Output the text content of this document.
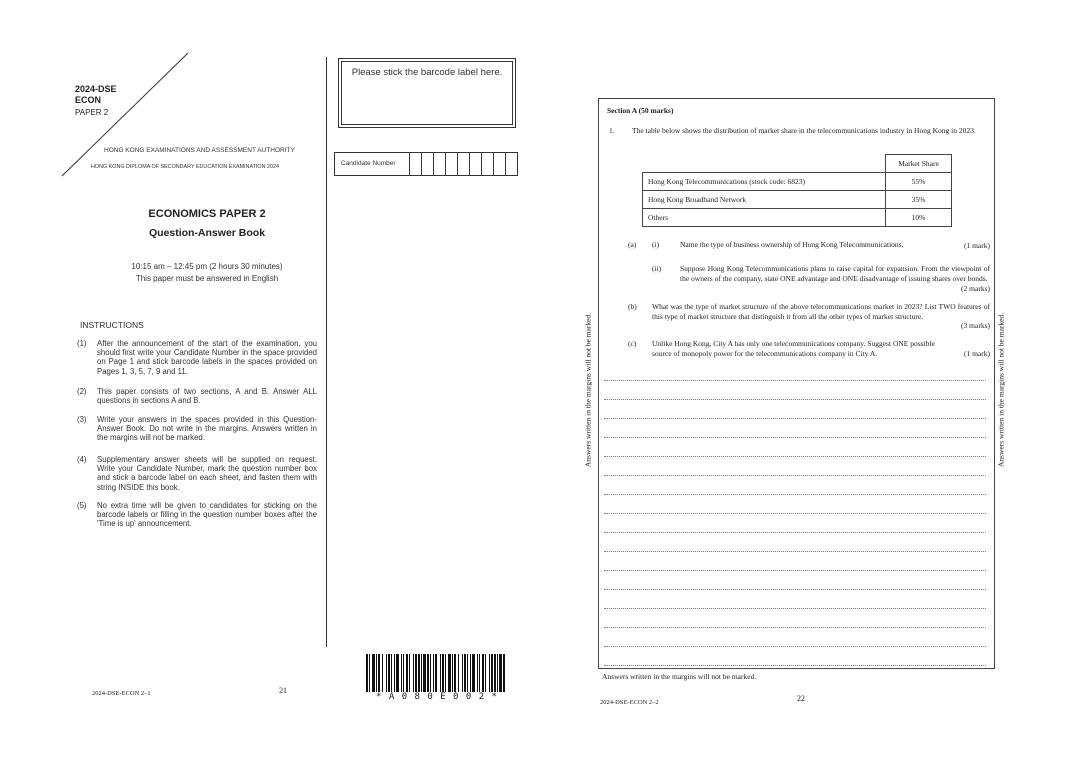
2024-DSE
ECON
PAPER 2
HONG KONG EXAMINATIONS AND ASSESSMENT AUTHORITY
HONG KONG DIPLOMA OF SECONDARY EDUCATION EXAMINATION 2024
Please stick the barcode label here.
Candidate Number
ECONOMICS PAPER 2
Question-Answer Book
10:15 am – 12:45 pm (2 hours 30 minutes)
This paper must be answered in English
INSTRUCTIONS
(1)	After the announcement of the start of the examination, you should first write your Candidate Number in the space provided on Page 1 and stick barcode labels in the spaces provided on Pages 1, 3, 5, 7, 9 and 11.
(2)	This paper consists of two sections, A and B. Answer ALL questions in sections A and B.
(3)	Write your answers in the spaces provided in this Question-Answer Book. Do not write in the margins. Answers written in the margins will not be marked.
(4)	Supplementary answer sheets will be supplied on request. Write your Candidate Number, mark the question number box and stick a barcode label on each sheet, and fasten them with string INSIDE this book.
(5)	No extra time will be given to candidates for sticking on the barcode labels or filling in the question number boxes after the 'Time is up' announcement.
2024-DSE-ECON 2–1	21
* A 0 8 0 E 0 0 2 *
Section A (50 marks)
1. The table below shows the distribution of market share in the telecommunications industry in Hong Kong in 2023.
	Market Share
Hong Kong Telecommunications (stock code: 6823)	55%
Hong Kong Broadband Network	35%
Others	10%
(a) (i)	Name the type of business ownership of Hong Kong Telecommunications.	(1 mark)
(ii)	Suppose Hong Kong Telecommunications plans to raise capital for expansion. From the viewpoint of the owners of the company, state ONE advantage and ONE disadvantage of issuing shares over bonds.
(2 marks)
(b) What was the type of market structure of the above telecommunications market in 2023? List TWO features of this type of market structure that distinguish it from all the other types of market structure.
(3 marks)
(c) Unlike Hong Kong, City A has only one telecommunications company. Suggest ONE possible source of monopoly power for the telecommunications company in City A.	(1 mark)
Answers written in the margins will not be marked.	Answers written in the margins will not be marked.
Answers written in the margins will not be marked.
2024-DSE-ECON 2–2	22
